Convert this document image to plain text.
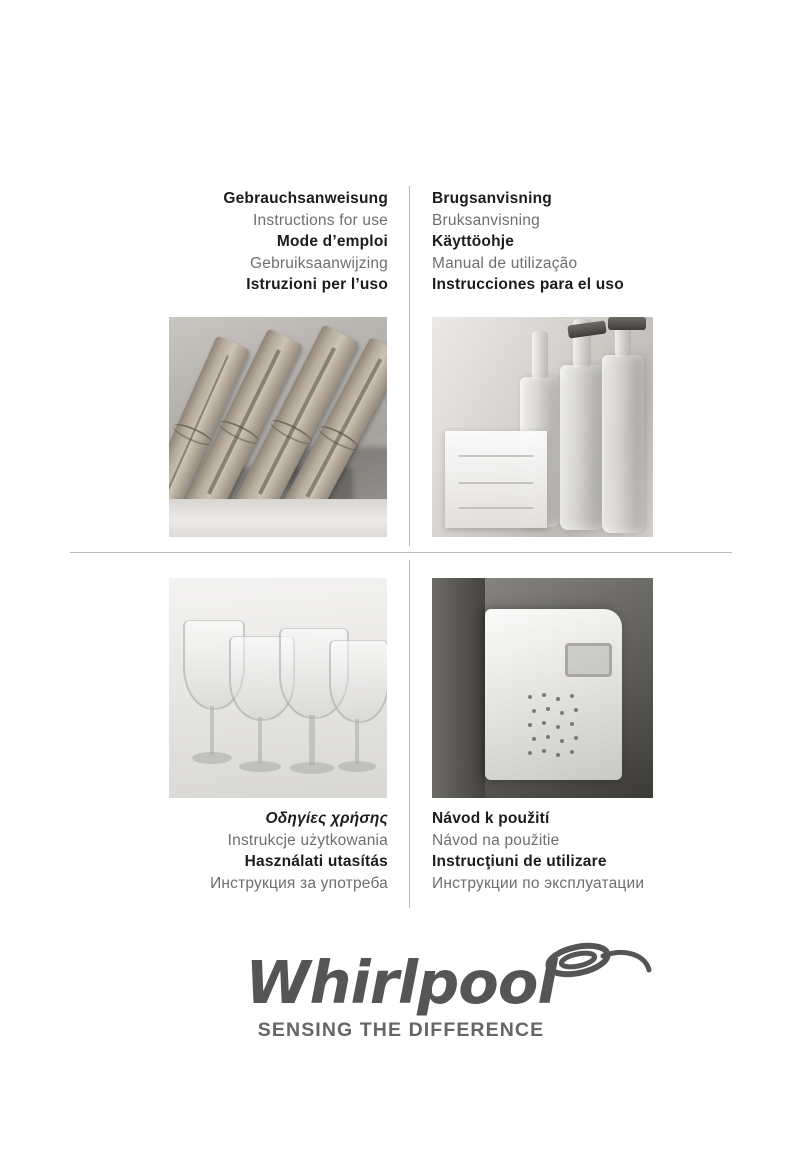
Gebrauchsanweisung
Instructions for use
Mode d’emploi
Gebruiksaanwijzing
Istruzioni per l’uso
Brugsanvisning
Bruksanvisning
Käyttöohje
Manual de utilização
Instrucciones para el uso
Οδηγίες χρήσης
Instrukcje użytkowania
Használati utasítás
Инструкция за употреба
Návod k použití
Návod na použitie
Instrucţiuni de utilizare
Инструкции по эксплуатации
Whirlpool
SENSING THE DIFFERENCE
